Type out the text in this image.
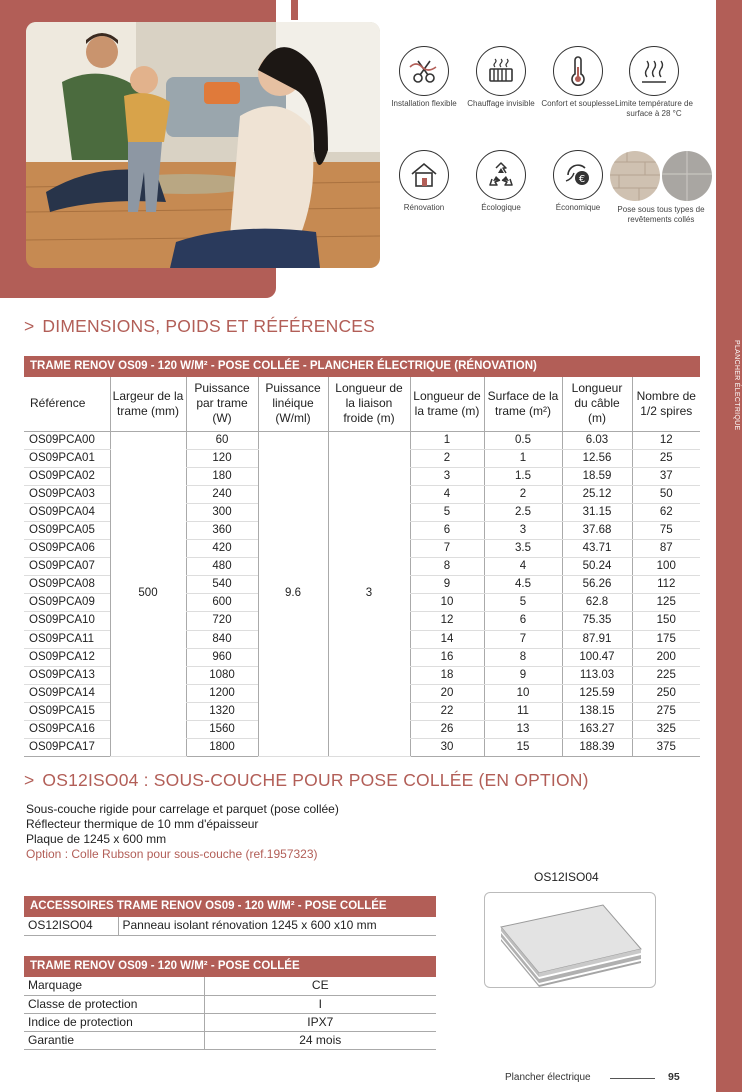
PLANCHER ÉLECTRIQUE
Installation flexible	Chauffage invisible Confort et souplesse Limite température de surface à 28 °C
Rénovation	Écologique
€
Économique	Pose sous tous types de revêtements collés
> DIMENSIONS, POIDS ET RÉFÉRENCES
TRAME RENOV OS09 - 120 W/M² - POSE COLLÉE - PLANCHER ÉLECTRIQUE (RÉNOVATION)
Référence	Largeur de la trame (mm)	Puissance par trame (W)	Puissance linéique (W/ml)	Longueur de la liaison froide (m)	Longueur de la trame (m)	Surface de la trame (m²)	Longueur du câble (m)	Nombre de 1/2 spires
OS09PCA00	500	60	9.6	3	1	0.5	6.03	12
OS09PCA01		120			2	1	12.56	25
OS09PCA02		180			3	1.5	18.59	37
OS09PCA03		240			4	2	25.12	50
OS09PCA04		300			5	2.5	31.15	62
OS09PCA05		360			6	3	37.68	75
OS09PCA06		420			7	3.5	43.71	87
OS09PCA07		480			8	4	50.24	100
OS09PCA08		540			9	4.5	56.26	112
OS09PCA09		600			10	5	62.8	125
OS09PCA10		720			12	6	75.35	150
OS09PCA11		840			14	7	87.91	175
OS09PCA12		960			16	8	100.47	200
OS09PCA13		1080			18	9	113.03	225
OS09PCA14		1200			20	10	125.59	250
OS09PCA15		1320			22	11	138.15	275
OS09PCA16		1560			26	13	163.27	325
OS09PCA17		1800			30	15	188.39	375
> OS12ISO04 : SOUS-COUCHE POUR POSE COLLÉE (EN OPTION)
Sous-couche rigide pour carrelage et parquet (pose collée)
Réflecteur thermique de 10 mm d'épaisseur
Plaque de 1245 x 600 mm
Option : Colle Rubson pour sous-couche (ref.1957323)
ACCESSOIRES TRAME RENOV OS09 - 120 W/M² - POSE COLLÉE
OS12ISO04	Panneau isolant rénovation 1245 x 600 x10 mm
TRAME RENOV OS09 - 120 W/M² - POSE COLLÉE
Marquage	CE
Classe de protection	I
Indice de protection	IPX7
Garantie	24 mois
OS12ISO04
Plancher électrique	95
